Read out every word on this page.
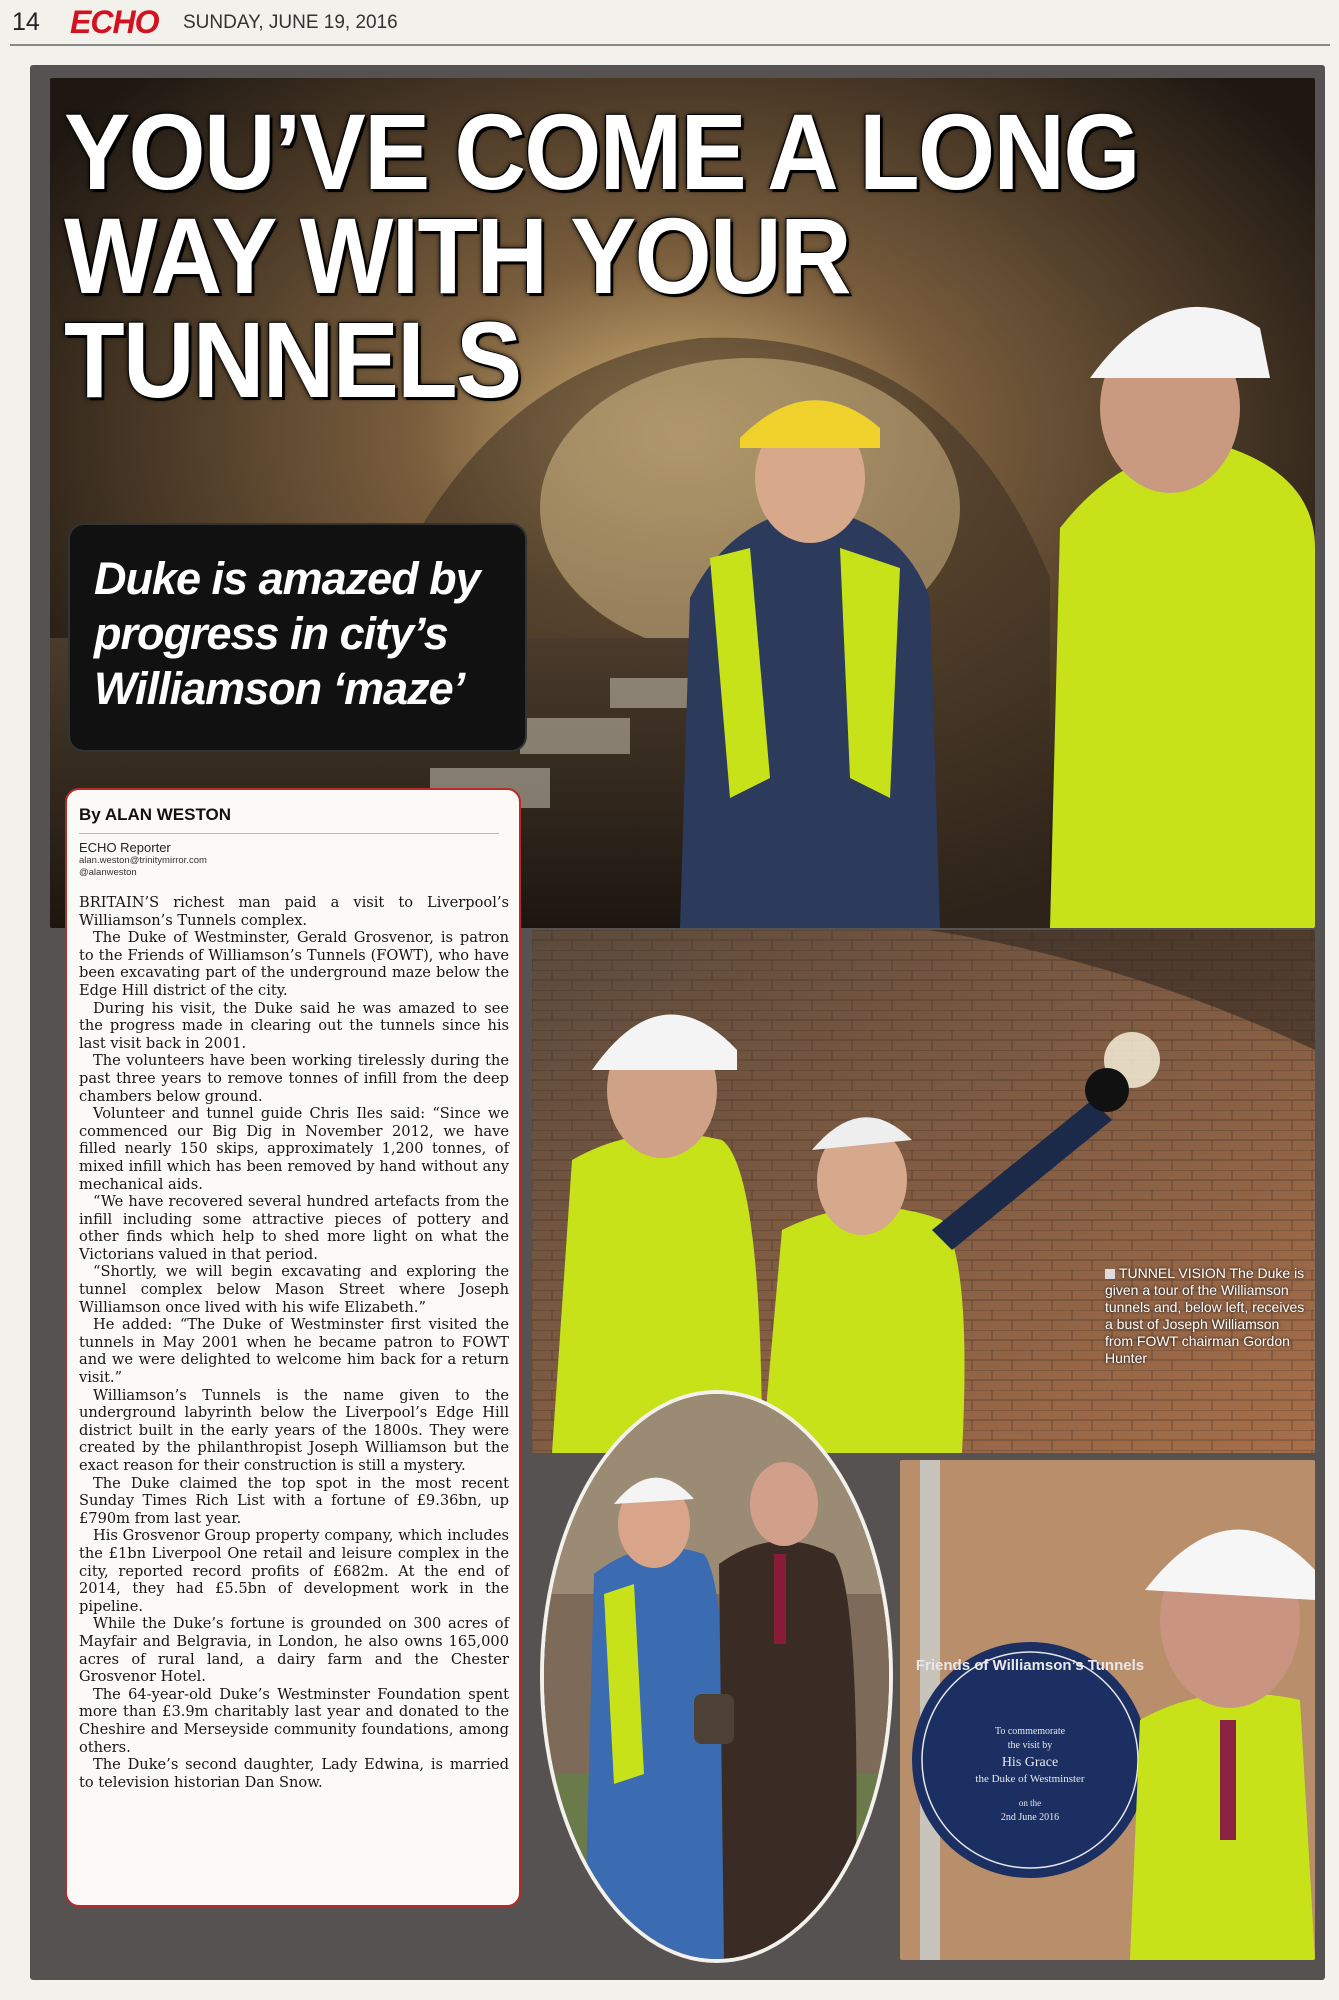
14 ECHO SUNDAY, JUNE 19, 2016
YOU’VE COME A LONG
WAY WITH YOUR
TUNNELS

Duke is amazed by progress in city’s Williamson ‘maze’

By ALAN WESTON
ECHO Reporter
alan.weston@trinitymirror.com
@alanweston

BRITAIN’S richest man paid a visit to Liverpool’s Williamson’s Tunnels complex.

The Duke of Westminster, Gerald Grosvenor, is patron to the Friends of Williamson’s Tunnels (FOWT), who have been excavating part of the underground maze below the Edge Hill district of the city.

During his visit, the Duke said he was amazed to see the progress made in clearing out the tunnels since his last visit back in 2001.

The volunteers have been working tirelessly during the past three years to remove tonnes of infill from the deep chambers below ground.

Volunteer and tunnel guide Chris Iles said: “Since we commenced our Big Dig in November 2012, we have filled nearly 150 skips, approximately 1,200 tonnes, of mixed infill which has been removed by hand without any mechanical aids.

“We have recovered several hundred artefacts from the infill including some attractive pieces of pottery and other finds which help to shed more light on what the Victorians valued in that period.

“Shortly, we will begin excavating and exploring the tunnel complex below Mason Street where Joseph Williamson once lived with his wife Elizabeth.”

He added: “The Duke of Westminster first visited the tunnels in May 2001 when he became patron to FOWT and we were delighted to welcome him back for a return visit.”

Williamson’s Tunnels is the name given to the underground labyrinth below the Liverpool’s Edge Hill district built in the early years of the 1800s. They were created by the philanthropist Joseph Williamson but the exact reason for their construction is still a mystery.

The Duke claimed the top spot in the most recent Sunday Times Rich List with a fortune of £9.36bn, up £790m from last year.

His Grosvenor Group property company, which includes the £1bn Liverpool One retail and leisure complex in the city, reported record profits of £682m. At the end of 2014, they had £5.5bn of development work in the pipeline.

While the Duke’s fortune is grounded on 300 acres of Mayfair and Belgravia, in London, he also owns 165,000 acres of rural land, a dairy farm and the Chester Grosvenor Hotel.

The 64-year-old Duke’s Westminster Foundation spent more than £3.9m charitably last year and donated to the Cheshire and Merseyside community foundations, among others.

The Duke’s second daughter, Lady Edwina, is married to television historian Dan Snow.

TUNNEL VISION The Duke is given a tour of the Williamson tunnels and, below left, receives a bust of Joseph Williamson from FOWT chairman Gordon Hunter
To commemorate
the visit by
His Grace
the Duke of Westminster
on the
2nd June 2016
Friends of Williamson’s Tunnels
